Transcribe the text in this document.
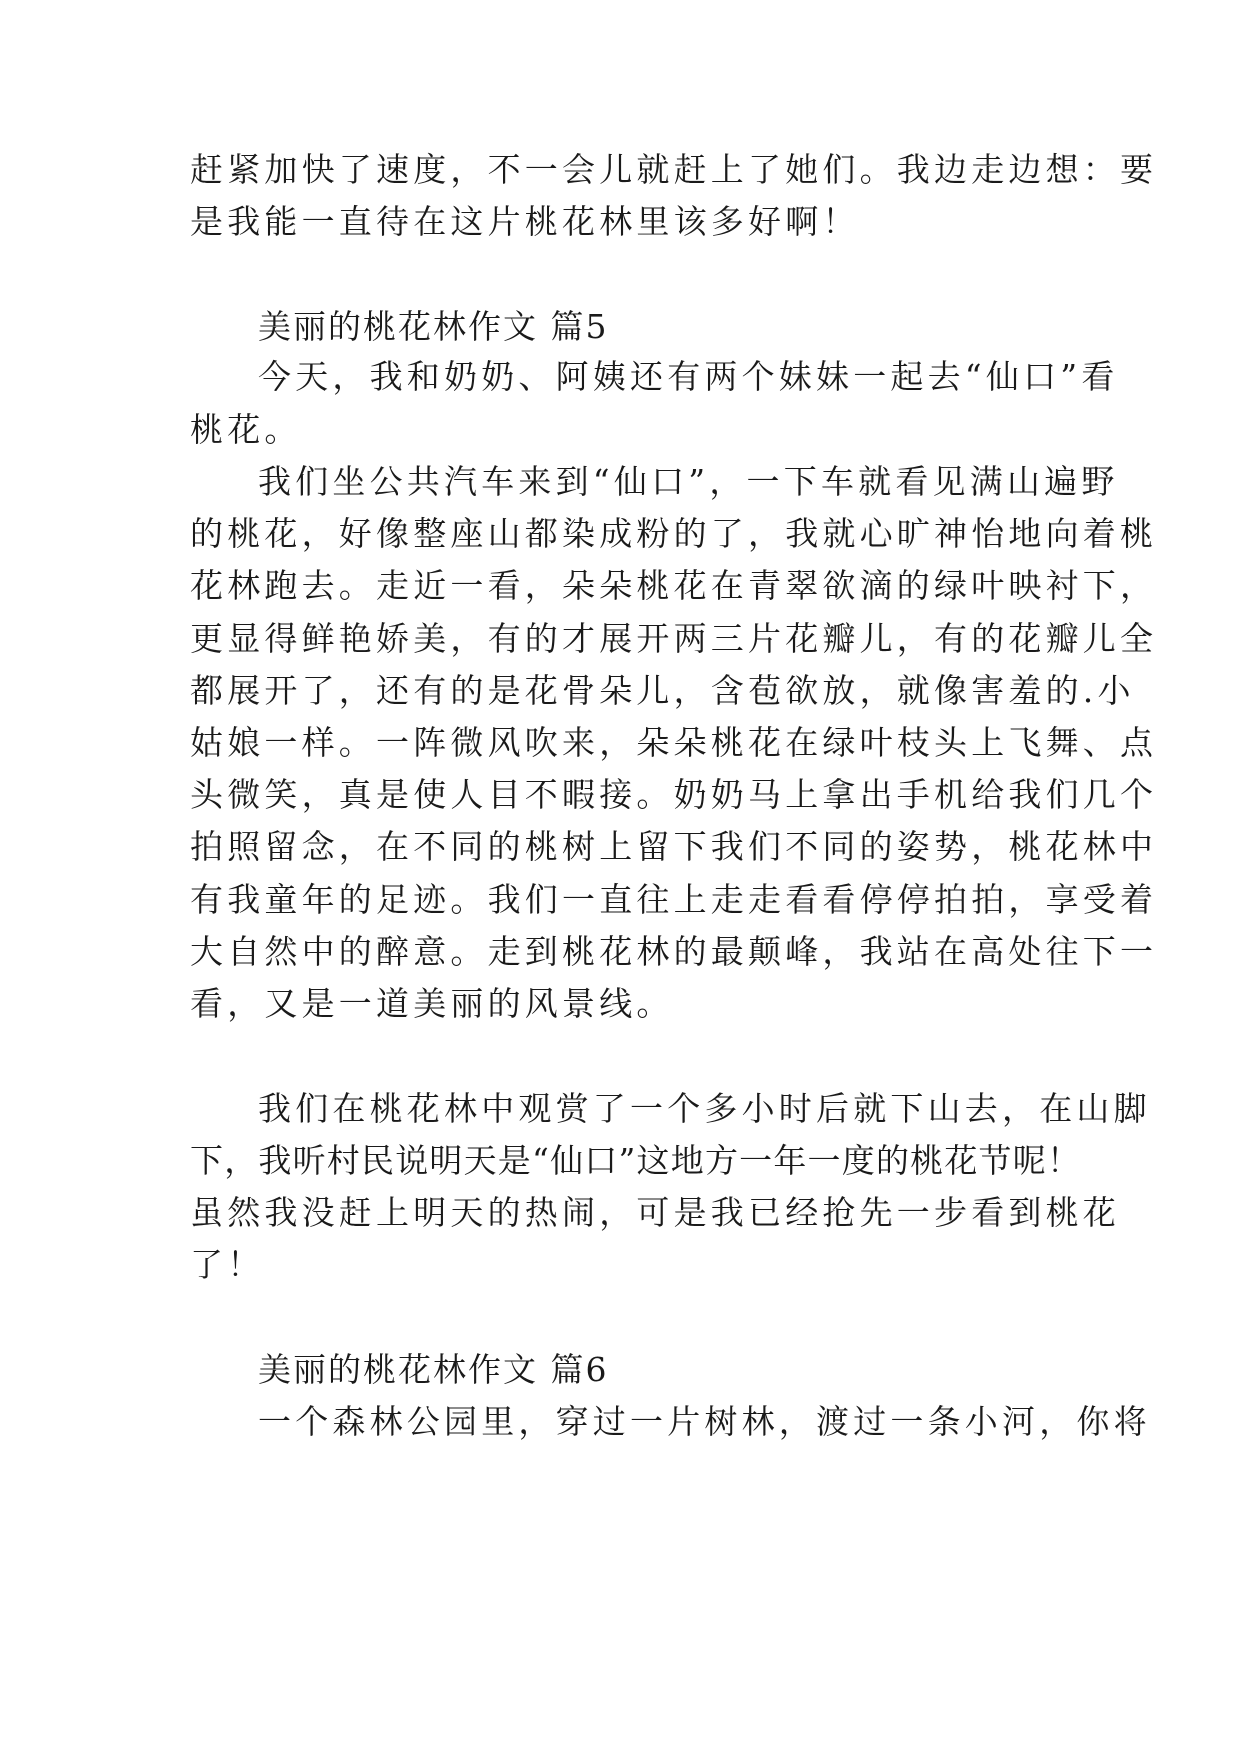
赶紧加快了速度，不一会儿就赶上了她们。我边走边想：要
是我能一直待在这片桃花林里该多好啊！
美丽的桃花林作文 篇5
今天，我和奶奶、阿姨还有两个妹妹一起去“仙口”看
桃花。
我们坐公共汽车来到“仙口”，一下车就看见满山遍野
的桃花，好像整座山都染成粉的了，我就心旷神怡地向着桃
花林跑去。走近一看，朵朵桃花在青翠欲滴的绿叶映衬下，
更显得鲜艳娇美，有的才展开两三片花瓣儿，有的花瓣儿全
都展开了，还有的是花骨朵儿，含苞欲放，就像害羞的.小
姑娘一样。一阵微风吹来，朵朵桃花在绿叶枝头上飞舞、点
头微笑，真是使人目不暇接。奶奶马上拿出手机给我们几个
拍照留念，在不同的桃树上留下我们不同的姿势，桃花林中
有我童年的足迹。我们一直往上走走看看停停拍拍，享受着
大自然中的醉意。走到桃花林的最颠峰，我站在高处往下一
看，又是一道美丽的风景线。
我们在桃花林中观赏了一个多小时后就下山去，在山脚
下，我听村民说明天是“仙口”这地方一年一度的桃花节呢！
虽然我没赶上明天的热闹，可是我已经抢先一步看到桃花
了！
美丽的桃花林作文 篇6
一个森林公园里，穿过一片树林，渡过一条小河，你将
